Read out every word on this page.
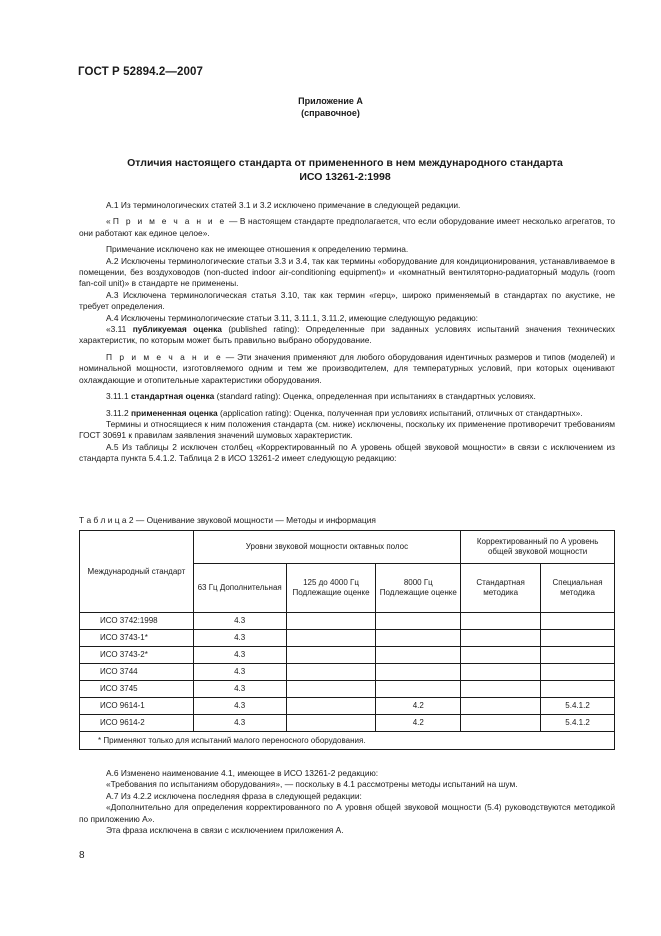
ГОСТ Р 52894.2—2007
Приложение А
(справочное)
Отличия настоящего стандарта от примененного в нем международного стандарта
ИСО 13261-2:1998

А.1 Из терминологических статей 3.1 и 3.2 исключено примечание в следующей редакции.

«П р и м е ч а н и е — В настоящем стандарте предполагается, что если оборудование имеет несколько агрегатов, то они работают как единое целое».

Примечание исключено как не имеющее отношения к определению термина.

А.2 Исключены терминологические статьи 3.3 и 3.4, так как термины «оборудование для кондиционирования, устанавливаемое в помещении, без воздуховодов (non-ducted indoor air-conditioning equipment)» и «комнатный вентиляторно-радиаторный модуль (room fan-coil unit)» в стандарте не применены.

А.3 Исключена терминологическая статья 3.10, так как термин «герц», широко применяемый в стандартах по акустике, не требует определения.

А.4 Исключены терминологические статьи 3.11, 3.11.1, 3.11.2, имеющие следующую редакцию:

«3.11 публикуемая оценка (published rating): Определенные при заданных условиях испытаний значения технических характеристик, по которым может быть правильно выбрано оборудование.

П р и м е ч а н и е — Эти значения применяют для любого оборудования идентичных размеров и типов (моделей) и номинальной мощности, изготовляемого одним и тем же производителем, для температурных условий, при которых оценивают охлаждающие и отопительные характеристики оборудования.

3.11.1 стандартная оценка (standard rating): Оценка, определенная при испытаниях в стандартных условиях.

3.11.2 примененная оценка (application rating): Оценка, полученная при условиях испытаний, отличных от стандартных».

Термины и относящиеся к ним положения стандарта (см. ниже) исключены, поскольку их применение противоречит требованиям ГОСТ 30691 к правилам заявления значений шумовых характеристик.

А.5 Из таблицы 2 исключен столбец «Корректированный по А уровень общей звуковой мощности» в связи с исключением из стандарта пункта 5.4.1.2. Таблица 2 в ИСО 13261-2 имеет следующую редакцию:

Т а б л и ц а 2 — Оценивание звуковой мощности — Методы и информация
Международный стандарт	Уровни звуковой мощности октавных полос			Корректированный по А уровень общей звуковой мощности	
	63 Гц Дополнительная	125 до 4000 Гц Подлежащие оценке	8000 Гц Подлежащие оценке	Стандартная методика	Специальная методика
ИСО 3742:1998	4.3				
ИСО 3743-1*	4.3				
ИСО 3743-2*	4.3				
ИСО 3744	4.3				
ИСО 3745	4.3				
ИСО 9614-1	4.3		4.2		5.4.1.2
ИСО 9614-2	4.3		4.2		5.4.1.2
* Применяют только для испытаний малого переносного оборудования.					

А.6 Изменено наименование 4.1, имеющее в ИСО 13261-2 редакцию:

«Требования по испытаниям оборудования», — поскольку в 4.1 рассмотрены методы испытаний на шум.

А.7 Из 4.2.2 исключена последняя фраза в следующей редакции:

«Дополнительно для определения корректированного по А уровня общей звуковой мощности (5.4) руководствуются методикой по приложению А».

Эта фраза исключена в связи с исключением приложения А.

8
